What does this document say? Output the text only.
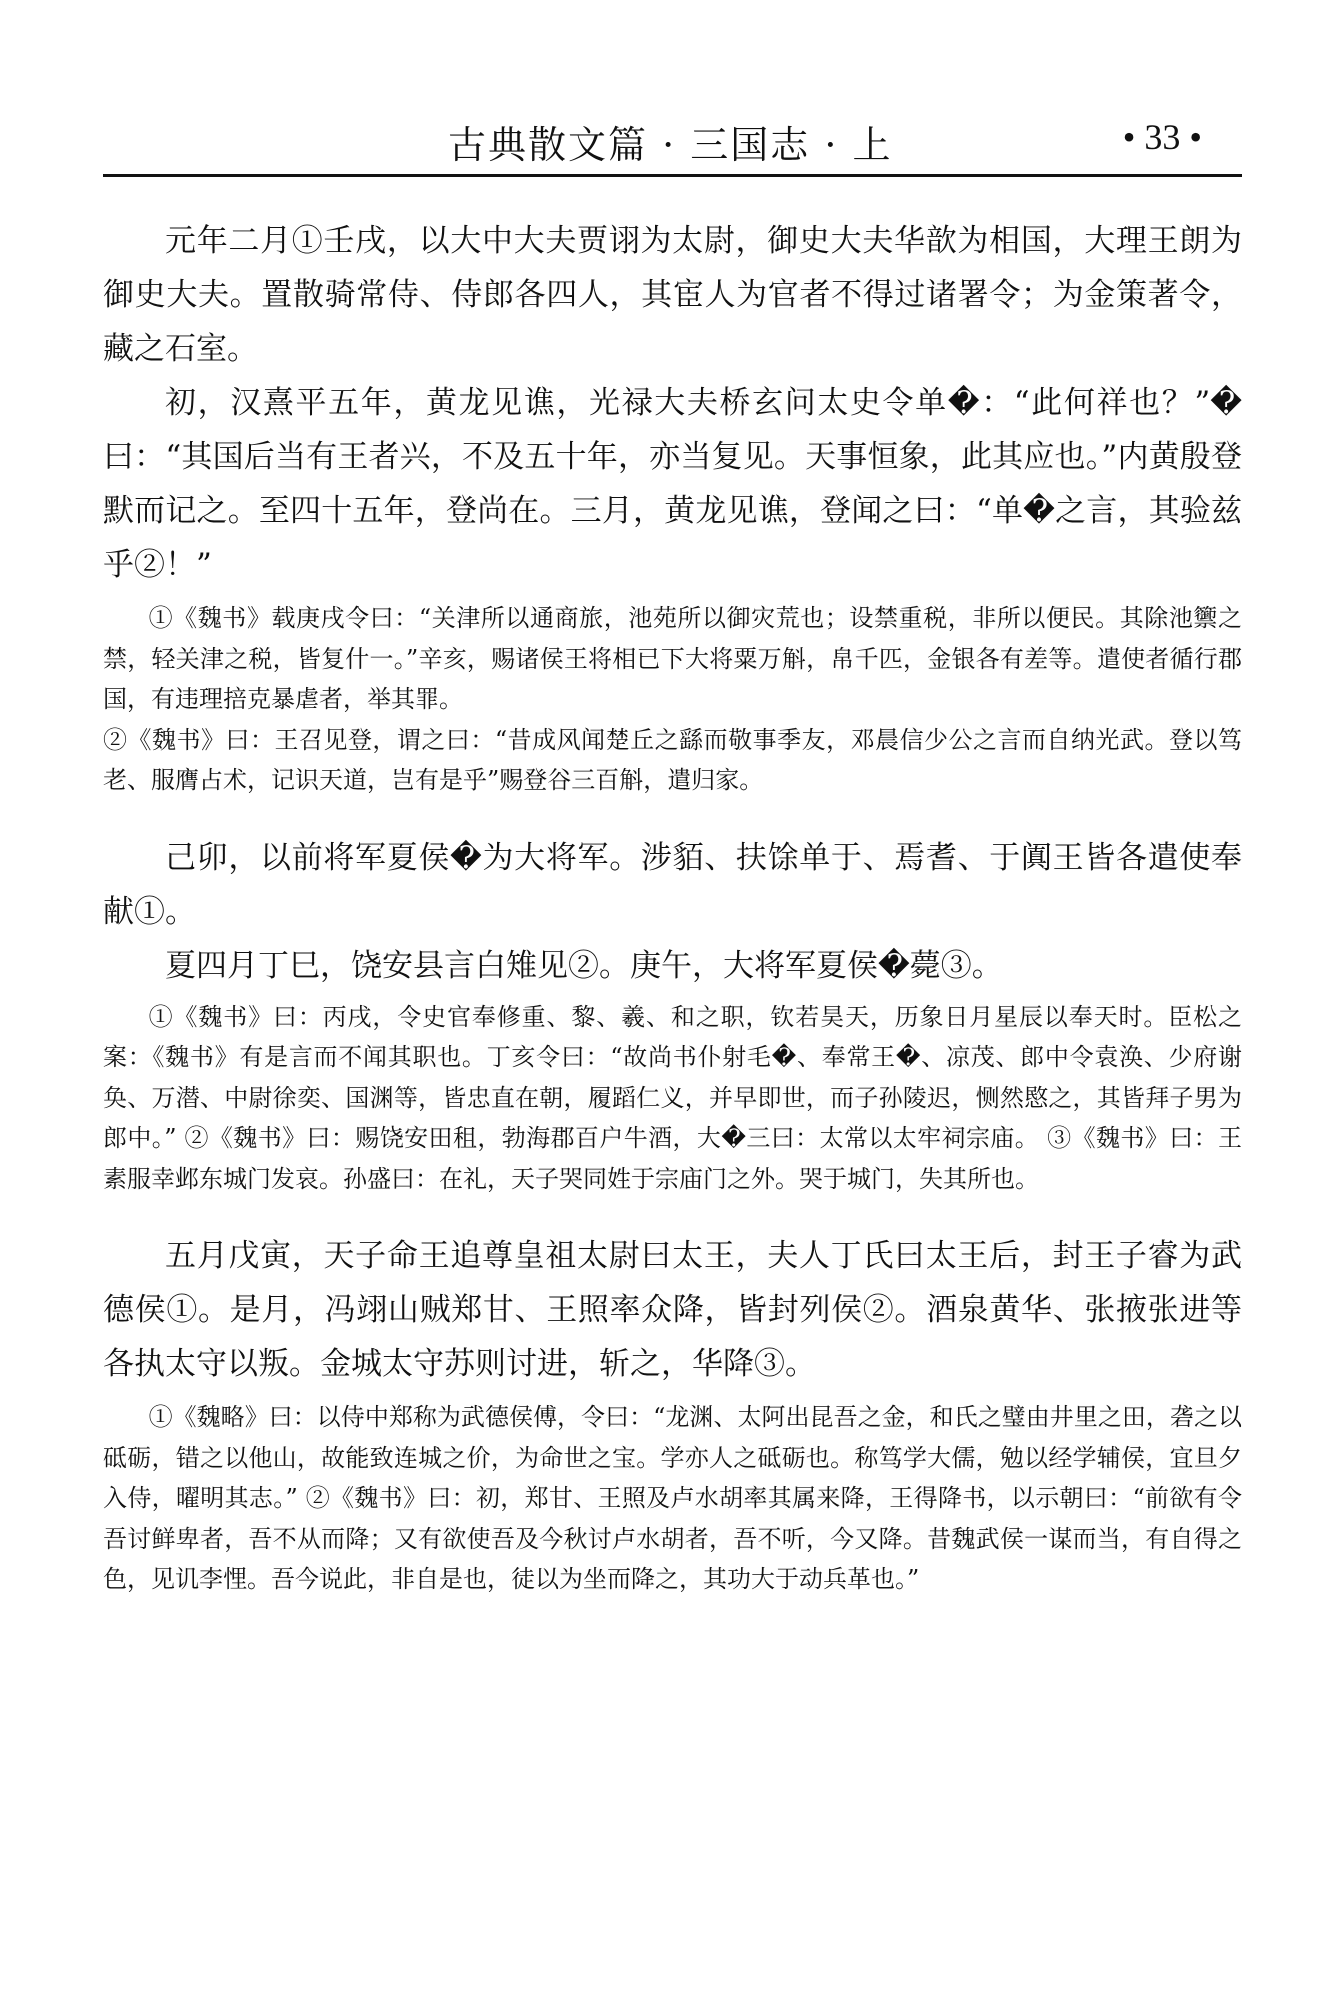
古典散文篇 · 三国志 · 上	• 33 •

元年二月①壬戌，以大中大夫贾诩为太尉，御史大夫华歆为相国，大理王朗为御史大夫。置散骑常侍、侍郎各四人，其宦人为官者不得过诸署令；为金策著令，藏之石室。

初，汉熹平五年，黄龙见谯，光禄大夫桥玄问太史令单�：“此何祥也？”�曰：“其国后当有王者兴，不及五十年，亦当复见。天事恒象，此其应也。”内黄殷登默而记之。至四十五年，登尚在。三月，黄龙见谯，登闻之曰：“单�之言，其验兹乎②！”

①《魏书》载庚戌令曰：“关津所以通商旅，池苑所以御灾荒也；设禁重税，非所以便民。其除池籞之禁，轻关津之税，皆复什一。”辛亥，赐诸侯王将相已下大将粟万斛，帛千匹，金银各有差等。遣使者循行郡国，有违理掊克暴虐者，举其罪。

②《魏书》曰：王召见登，谓之曰：“昔成风闻楚丘之繇而敬事季友，邓晨信少公之言而自纳光武。登以笃老、服膺占术，记识天道，岂有是乎”赐登谷三百斛，遣归家。

己卯，以前将军夏侯�为大将军。涉貊、扶馀单于、焉耆、于阗王皆各遣使奉献①。

夏四月丁巳，饶安县言白雉见②。庚午，大将军夏侯�薨③。

①《魏书》曰：丙戌，令史官奉修重、黎、羲、和之职，钦若昊天，历象日月星辰以奉天时。臣松之案：《魏书》有是言而不闻其职也。丁亥令曰：“故尚书仆射毛�、奉常王�、凉茂、郎中令袁涣、少府谢奂、万潜、中尉徐奕、国渊等，皆忠直在朝，履蹈仁义，并早即世，而子孙陵迟，恻然愍之，其皆拜子男为郎中。” ②《魏书》曰：赐饶安田租，勃海郡百户牛酒，大�三曰：太常以太牢祠宗庙。 ③《魏书》曰：王素服幸邺东城门发哀。孙盛曰：在礼，天子哭同姓于宗庙门之外。哭于城门，失其所也。

五月戊寅，天子命王追尊皇祖太尉曰太王，夫人丁氏曰太王后，封王子睿为武德侯①。是月，冯翊山贼郑甘、王照率众降，皆封列侯②。酒泉黄华、张掖张进等各执太守以叛。金城太守苏则讨进，斩之，华降③。

①《魏略》曰：以侍中郑称为武德侯傅，令曰：“龙渊、太阿出昆吾之金，和氏之璧由井里之田，砻之以砥砺，错之以他山，故能致连城之价，为命世之宝。学亦人之砥砺也。称笃学大儒，勉以经学辅侯，宜旦夕入侍，曜明其志。” ②《魏书》曰：初，郑甘、王照及卢水胡率其属来降，王得降书，以示朝曰：“前欲有令吾讨鲜卑者，吾不从而降；又有欲使吾及今秋讨卢水胡者，吾不听，今又降。昔魏武侯一谋而当，有自得之色，见讥李悝。吾今说此，非自是也，徒以为坐而降之，其功大于动兵革也。”
